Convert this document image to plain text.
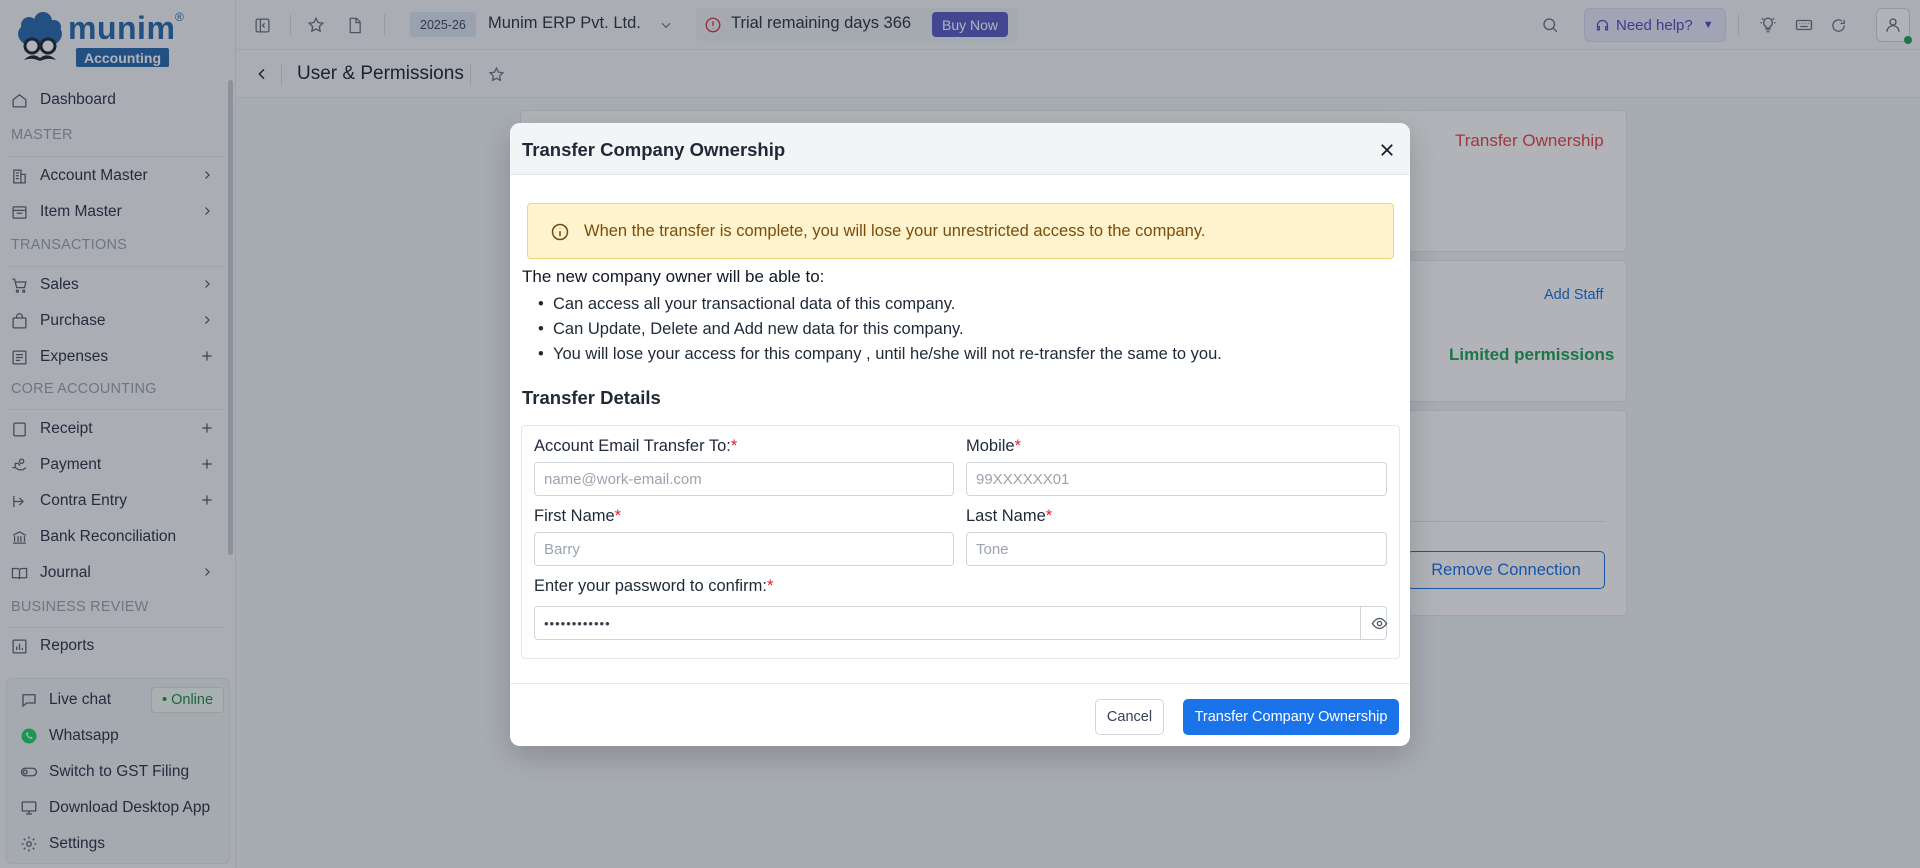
munim ®
Accounting
Dashboard
MASTER
Account Master
Item Master
TRANSACTIONS
Sales
Purchase
Expenses
CORE ACCOUNTING
Receipt
Payment
Contra Entry
Bank Reconciliation
Journal
BUSINESS REVIEW
Reports
Live chat	• Online
Whatsapp
Switch to GST Filing
Download Desktop App
Settings
2025-26	Munim ERP Pvt. Ltd.	Trial remaining days 366	Buy Now	Need help? ▼
User & Permissions
Transfer Ownership
Add Staff
Limited permissions
Remove Connection
Transfer Company Ownership
When the transfer is complete, you will lose your unrestricted access to the company.
The new company owner will be able to:
• Can access all your transactional data of this company.
• Can Update, Delete and Add new data for this company.
• You will lose your access for this company , until he/she will not re-transfer the same to you.
Transfer Details
Account Email Transfer To:*
name@work-email.com
Mobile*
99XXXXXX01
First Name*
Barry
Last Name*
Tone
Enter your password to confirm:*
••••••••••••
Cancel	Transfer Company Ownership
